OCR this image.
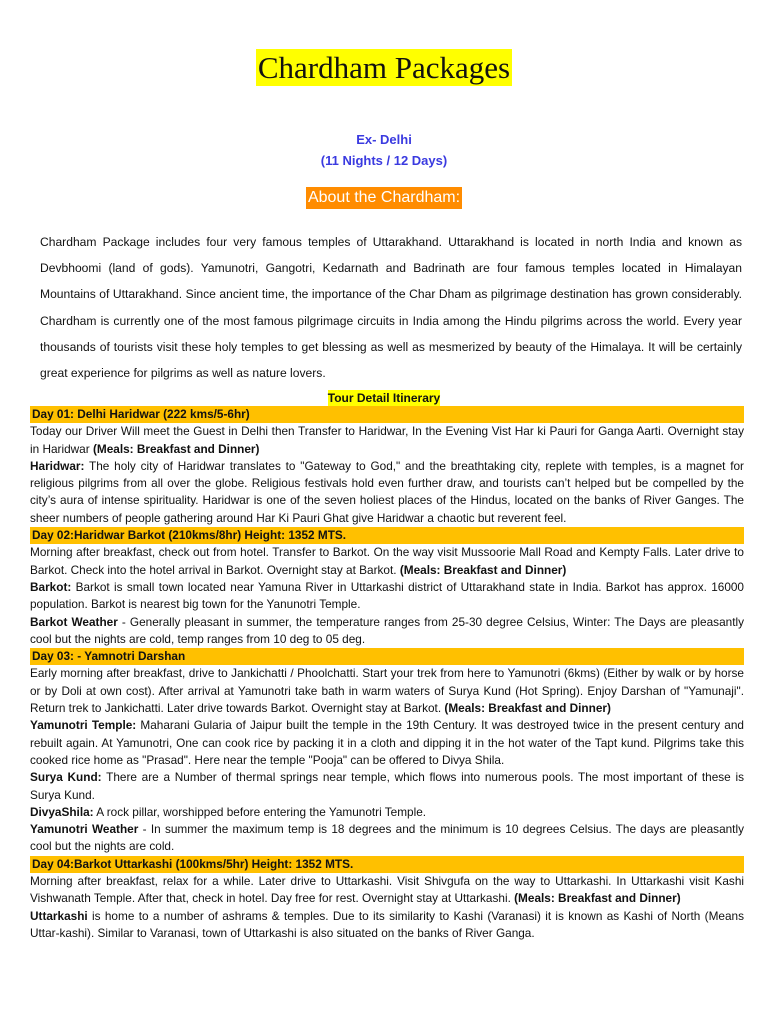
Chardham Packages
Ex- Delhi
(11 Nights / 12 Days)
About the Chardham:

Chardham Package includes four very famous temples of Uttarakhand. Uttarakhand is located in north India and known as Devbhoomi (land of gods). Yamunotri, Gangotri, Kedarnath and Badrinath are four famous temples located in Himalayan Mountains of Uttarakhand. Since ancient time, the importance of the Char Dham as pilgrimage destination has grown considerably. Chardham is currently one of the most famous pilgrimage circuits in India among the Hindu pilgrims across the world. Every year thousands of tourists visit these holy temples to get blessing as well as mesmerized by beauty of the Himalaya. It will be certainly great experience for pilgrims as well as nature lovers.

Tour Detail Itinerary
Day 01: Delhi Haridwar (222 kms/5-6hr)

Today our Driver Will meet the Guest in Delhi then Transfer to Haridwar, In the Evening Vist Har ki Pauri for Ganga Aarti. Overnight stay in Haridwar (Meals: Breakfast and Dinner)

Haridwar: The holy city of Haridwar translates to "Gateway to God," and the breathtaking city, replete with temples, is a magnet for religious pilgrims from all over the globe. Religious festivals hold even further draw, and tourists can’t helped but be compelled by the city’s aura of intense spirituality. Haridwar is one of the seven holiest places of the Hindus, located on the banks of River Ganges. The sheer numbers of people gathering around Har Ki Pauri Ghat give Haridwar a chaotic but reverent feel.

Day 02:Haridwar Barkot (210kms/8hr) Height: 1352 MTS.

Morning after breakfast, check out from hotel. Transfer to Barkot. On the way visit Mussoorie Mall Road and Kempty Falls. Later drive to Barkot. Check into the hotel arrival in Barkot. Overnight stay at Barkot. (Meals: Breakfast and Dinner)

Barkot: Barkot is small town located near Yamuna River in Uttarkashi district of Uttarakhand state in India. Barkot has approx. 16000 population. Barkot is nearest big town for the Yanunotri Temple.

Barkot Weather - Generally pleasant in summer, the temperature ranges from 25-30 degree Celsius, Winter: The Days are pleasantly cool but the nights are cold, temp ranges from 10 deg to 05 deg.

Day 03: - Yamnotri Darshan

Early morning after breakfast, drive to Jankichatti / Phoolchatti. Start your trek from here to Yamunotri (6kms) (Either by walk or by horse or by Doli at own cost). After arrival at Yamunotri take bath in warm waters of Surya Kund (Hot Spring). Enjoy Darshan of "Yamunaji". Return trek to Jankichatti. Later drive towards Barkot. Overnight stay at Barkot. (Meals: Breakfast and Dinner)

Yamunotri Temple: Maharani Gularia of Jaipur built the temple in the 19th Century. It was destroyed twice in the present century and rebuilt again. At Yamunotri, One can cook rice by packing it in a cloth and dipping it in the hot water of the Tapt kund. Pilgrims take this cooked rice home as "Prasad". Here near the temple "Pooja" can be offered to Divya Shila.

Surya Kund: There are a Number of thermal springs near temple, which flows into numerous pools. The most important of these is Surya Kund.

DivyaShila: A rock pillar, worshipped before entering the Yamunotri Temple.

Yamunotri Weather - In summer the maximum temp is 18 degrees and the minimum is 10 degrees Celsius. The days are pleasantly cool but the nights are cold.

Day 04:Barkot Uttarkashi (100kms/5hr) Height: 1352 MTS.

Morning after breakfast, relax for a while. Later drive to Uttarkashi. Visit Shivgufa on the way to Uttarkashi. In Uttarkashi visit Kashi Vishwanath Temple. After that, check in hotel. Day free for rest. Overnight stay at Uttarkashi. (Meals: Breakfast and Dinner)

Uttarkashi is home to a number of ashrams & temples. Due to its similarity to Kashi (Varanasi) it is known as Kashi of North (Means Uttar-kashi). Similar to Varanasi, town of Uttarkashi is also situated on the banks of River Ganga.
